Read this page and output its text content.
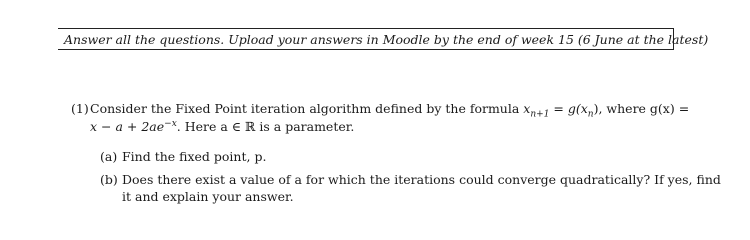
Answer all the questions. Upload your answers in Moodle by the end of week 15 (6 June at the latest)
(1) Consider the Fixed Point iteration algorithm defined by the formula $x_{n+1} = g(x_n)$, where g(x) =
$x - a + 2ae^{-x}$. Here a ∈ ℝ is a parameter.
(a) Find the fixed point, p.
(b) Does there exist a value of a for which the iterations could converge quadratically? If yes, find
it and explain your answer.
